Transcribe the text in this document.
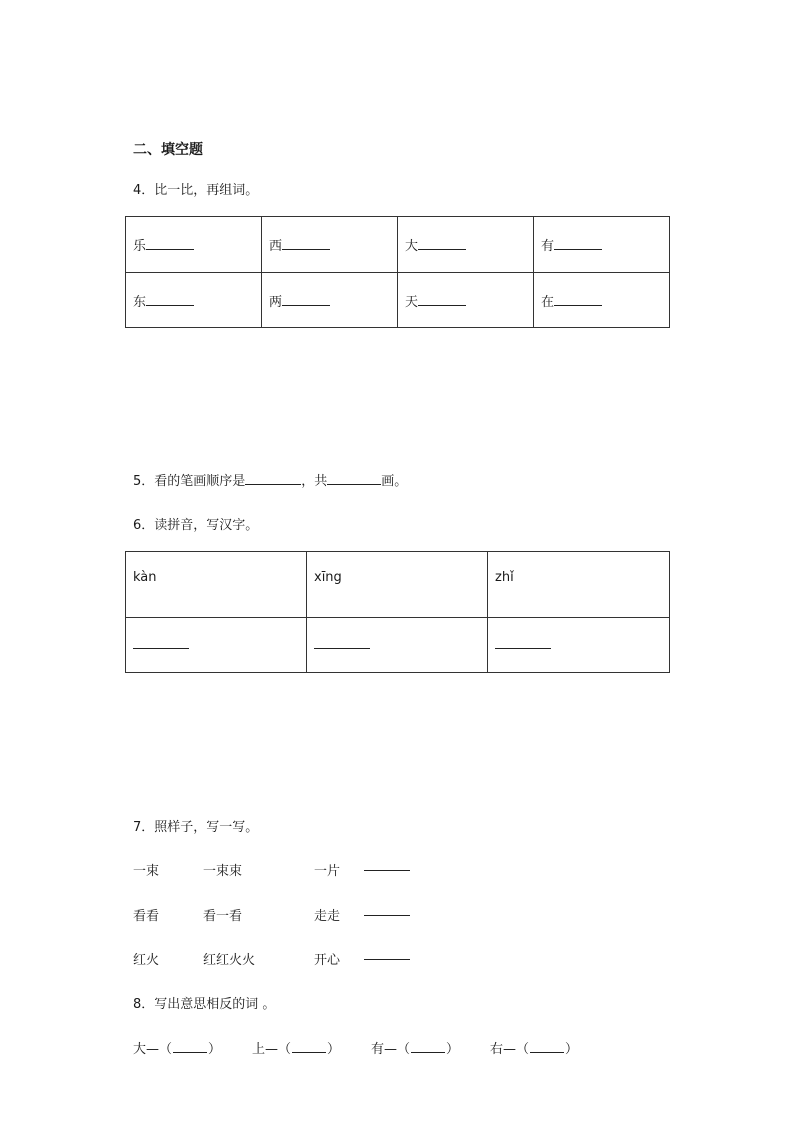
二、填空题
4．比一比，再组词。
乐	西	大	有
东	两	天	在
5．看的笔画顺序是	，共	画。
6．读拼音，写汉字。
kàn	xīng	zhǐ

7．照样子，写一写。
一束	一束束	一片
看看	看一看	走走
红火	红红火火	开心
8．写出意思相反的词 。
大—（	） 上—（	） 有—（	） 右—（	）
